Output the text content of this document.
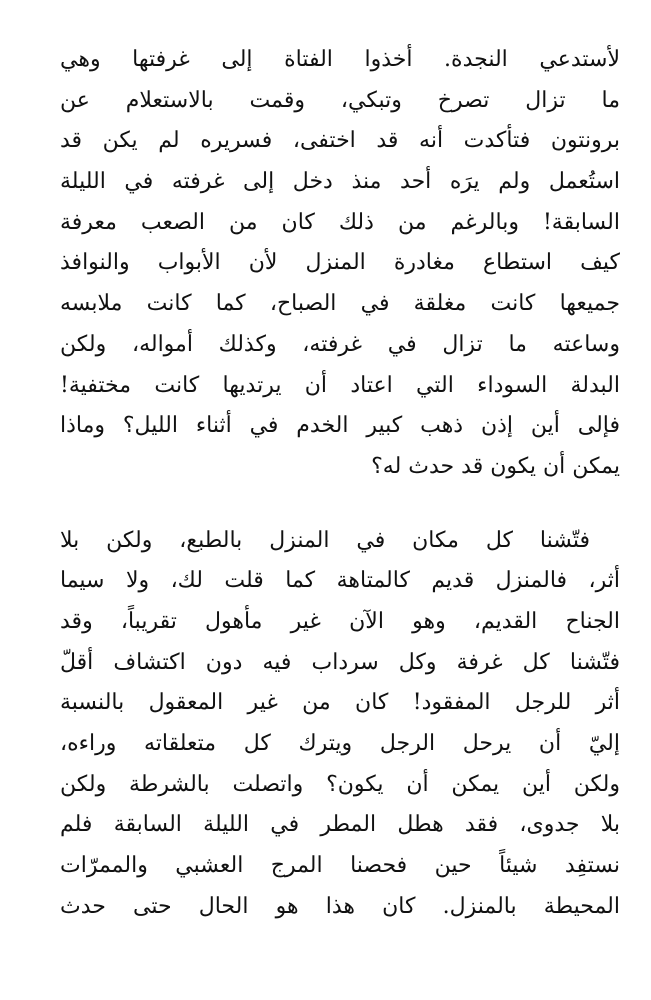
لأستدعي النجدة. أخذوا الفتاة إلى غرفتها وهي
ما تزال تصرخ وتبكي، وقمت بالاستعلام عن
برونتون فتأكدت أنه قد اختفى، فسريره لم يكن قد
استُعمل ولم يرَه أحد منذ دخل إلى غرفته في الليلة
السابقة! وبالرغم من ذلك كان من الصعب معرفة
كيف استطاع مغادرة المنزل لأن الأبواب والنوافذ
جميعها كانت مغلقة في الصباح، كما كانت ملابسه
وساعته ما تزال في غرفته، وكذلك أمواله، ولكن
البدلة السوداء التي اعتاد أن يرتديها كانت مختفية!
فإلى أين إذن ذهب كبير الخدم في أثناء الليل؟ وماذا
يمكن أن يكون قد حدث له؟
فتّشنا كل مكان في المنزل بالطبع، ولكن بلا
أثر، فالمنزل قديم كالمتاهة كما قلت لك، ولا سيما
الجناح القديم، وهو الآن غير مأهول تقريباً، وقد
فتّشنا كل غرفة وكل سرداب فيه دون اكتشاف أقلّ
أثر للرجل المفقود! كان من غير المعقول بالنسبة
إليّ أن يرحل الرجل ويترك كل متعلقاته وراءه،
ولكن أين يمكن أن يكون؟ واتصلت بالشرطة ولكن
بلا جدوى، فقد هطل المطر في الليلة السابقة فلم
نستفِد شيئاً حين فحصنا المرج العشبي والممرّات
المحيطة بالمنزل. كان هذا هو الحال حتى حدث
